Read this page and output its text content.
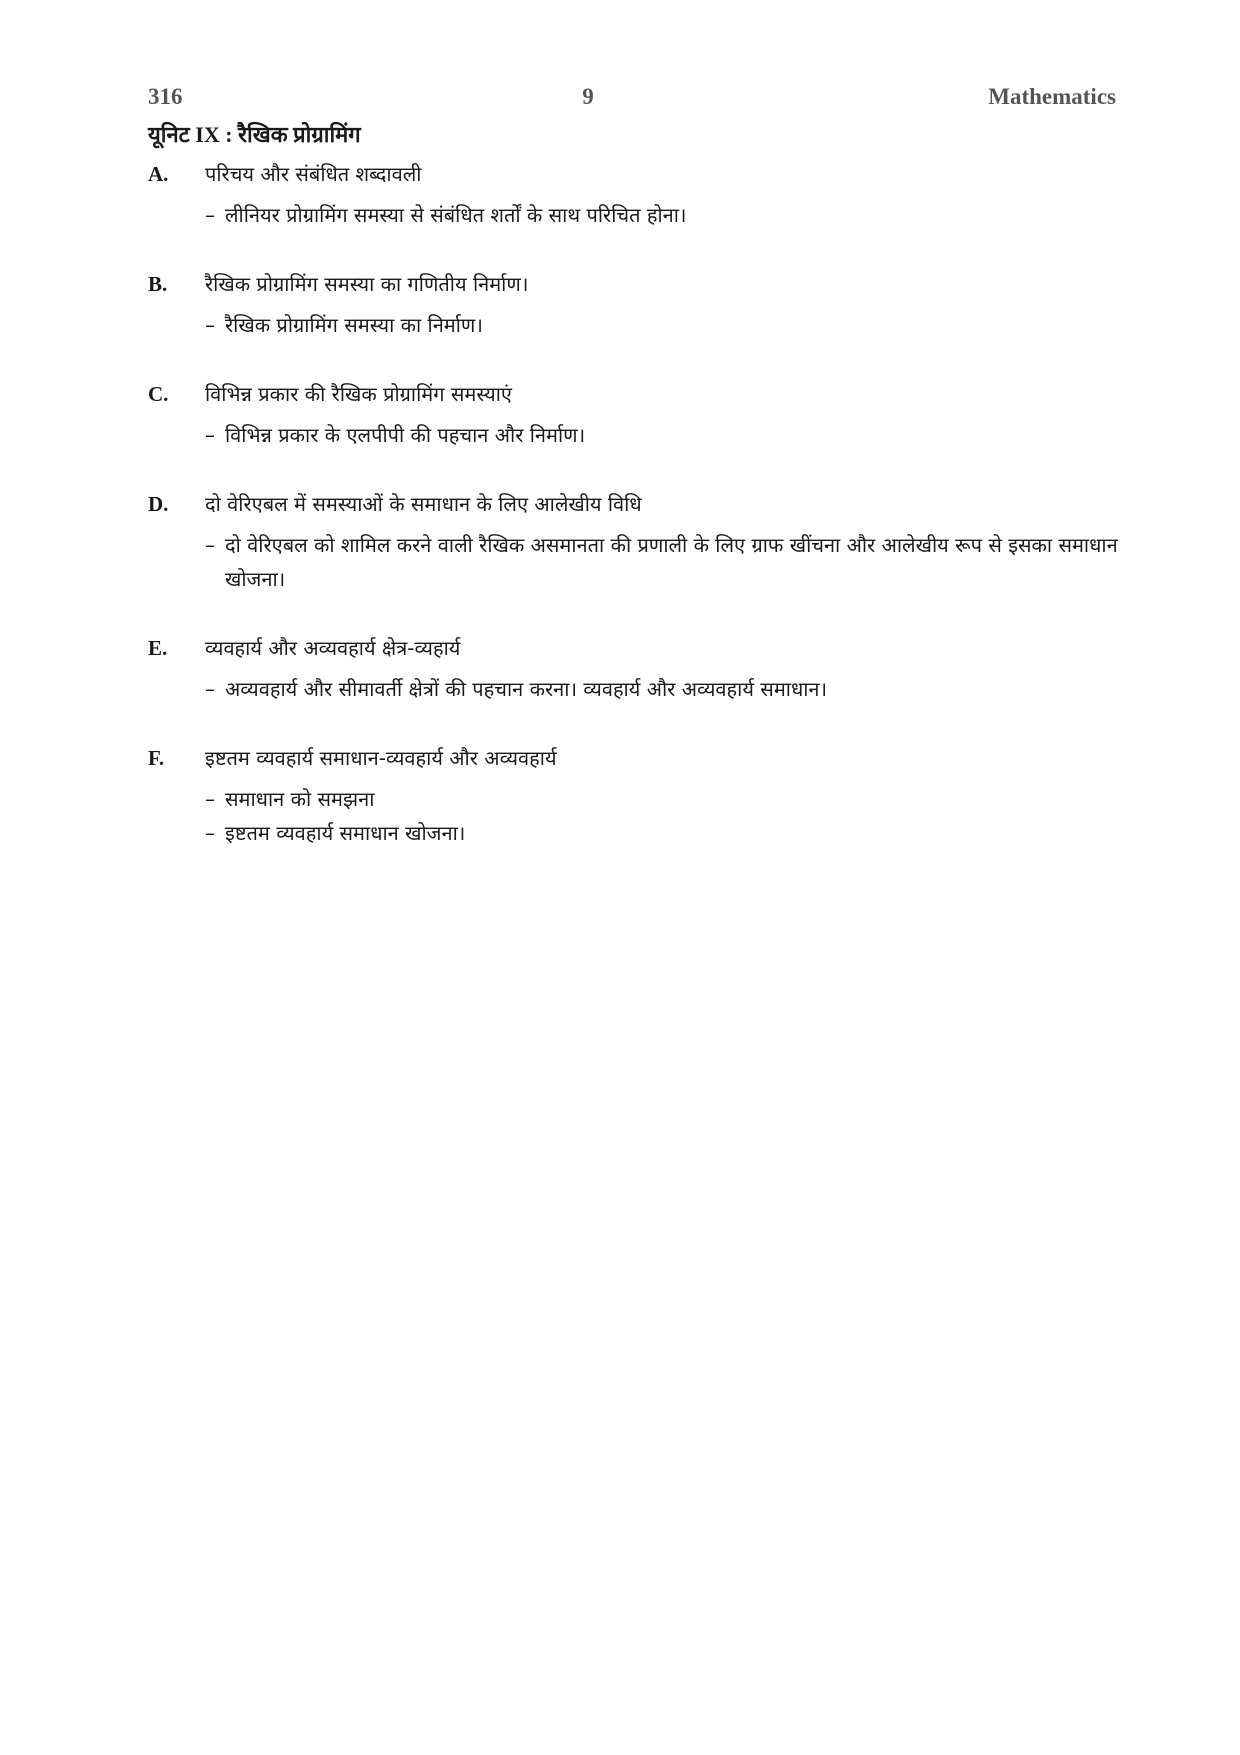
316	9	Mathematics
यूनिट IX : रैखिक प्रोग्रामिंग
A. परिचय और संबंधित शब्दावली
– लीनियर प्रोग्रामिंग समस्या से संबंधित शर्तों के साथ परिचित होना।
B. रैखिक प्रोग्रामिंग समस्या का गणितीय निर्माण।
– रैखिक प्रोग्रामिंग समस्या का निर्माण।
C. विभिन्न प्रकार की रैखिक प्रोग्रामिंग समस्याएं
– विभिन्न प्रकार के एलपीपी की पहचान और निर्माण।
D. दो वेरिएबल में समस्याओं के समाधान के लिए आलेखीय विधि
– दो वेरिएबल को शामिल करने वाली रैखिक असमानता की प्रणाली के लिए ग्राफ खींचना और आलेखीय रूप से इसका समाधान खोजना।
E. व्यवहार्य और अव्यवहार्य क्षेत्र-व्यहार्य
– अव्यवहार्य और सीमावर्ती क्षेत्रों की पहचान करना। व्यवहार्य और अव्यवहार्य समाधान।
F. इष्टतम व्यवहार्य समाधान-व्यवहार्य और अव्यवहार्य
– समाधान को समझना
– इष्टतम व्यवहार्य समाधान खोजना।
